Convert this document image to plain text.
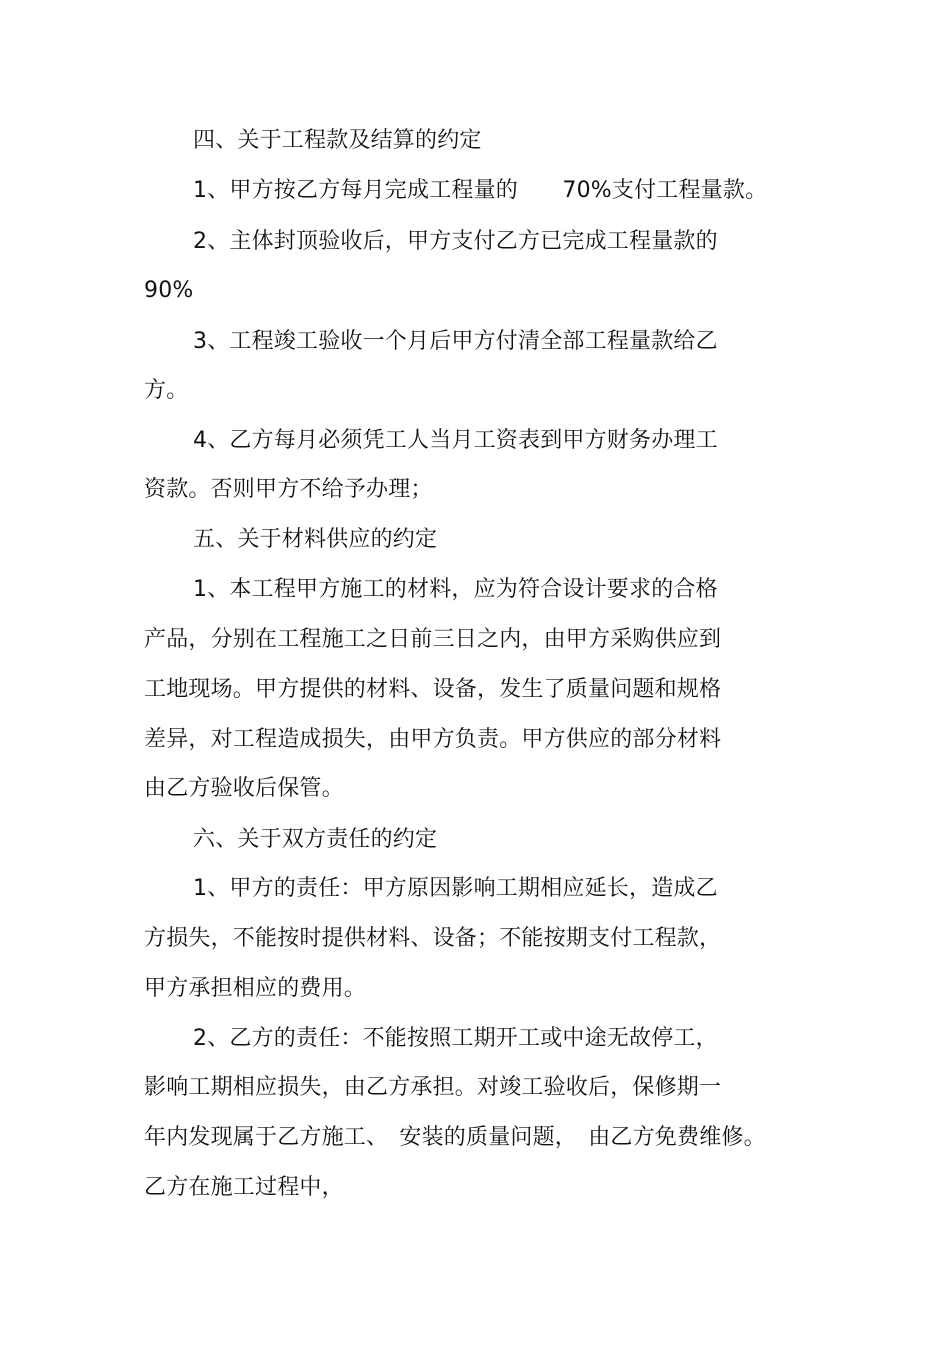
四、关于工程款及结算的约定
1、甲方按乙方每月完成工程量的　　70%支付工程量款。
2、主体封顶验收后，甲方支付乙方已完成工程量款的
90%
3、工程竣工验收一个月后甲方付清全部工程量款给乙
方。
4、乙方每月必须凭工人当月工资表到甲方财务办理工
资款。否则甲方不给予办理；
五、关于材料供应的约定
1、本工程甲方施工的材料，应为符合设计要求的合格
产品，分别在工程施工之日前三日之内，由甲方采购供应到
工地现场。甲方提供的材料、设备，发生了质量问题和规格
差异，对工程造成损失，由甲方负责。甲方供应的部分材料
由乙方验收后保管。
六、关于双方责任的约定
1、甲方的责任：甲方原因影响工期相应延长，造成乙
方损失，不能按时提供材料、设备；不能按期支付工程款，
甲方承担相应的费用。
2、乙方的责任：不能按照工期开工或中途无故停工，
影响工期相应损失，由乙方承担。对竣工验收后，保修期一
年内发现属于乙方施工、　安装的质量问题，　由乙方免费维修。
乙方在施工过程中，
